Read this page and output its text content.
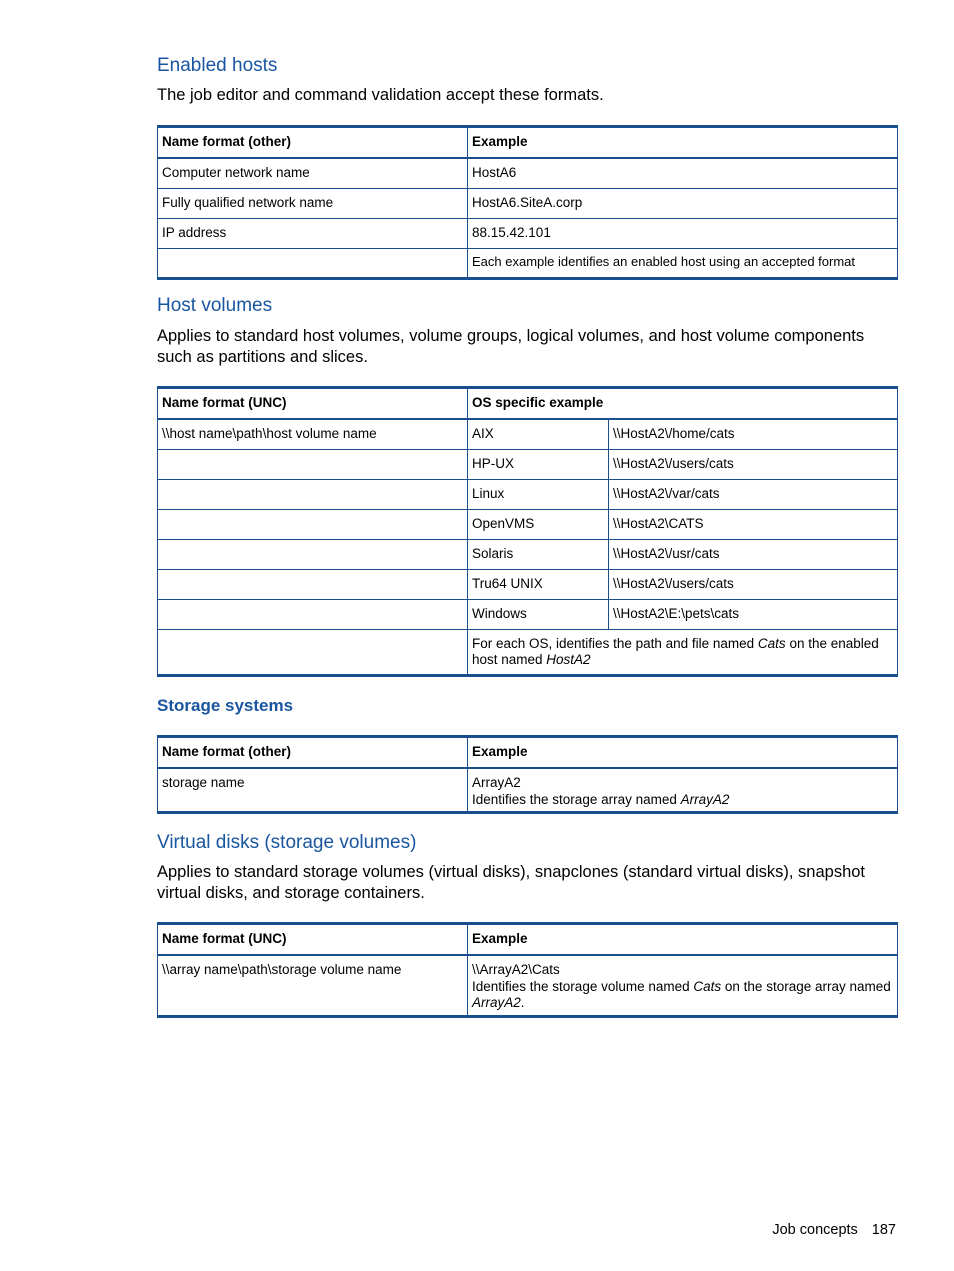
Enabled hosts

The job editor and command validation accept these formats.

Name format (other)	Example
Computer network name	HostA6
Fully qualified network name	HostA6.SiteA.corp
IP address	88.15.42.101
	Each example identifies an enabled host using an accepted format
Host volumes

Applies to standard host volumes, volume groups, logical volumes, and host volume components such as partitions and slices.

Name format (UNC)	OS specific example	
\\host name\path\host volume name	AIX	\\HostA2\/home/cats
	HP-UX	\\HostA2\/users/cats
	Linux	\\HostA2\/var/cats
	OpenVMS	\\HostA2\CATS
	Solaris	\\HostA2\/usr/cats
	Tru64 UNIX	\\HostA2\/users/cats
	Windows	\\HostA2\E:\pets\cats
	For each OS, identifies the path and file named Cats on the enabled host named HostA2	
Storage systems
Name format (other)	Example
storage name	ArrayA2
Identifies the storage array named ArrayA2
Virtual disks (storage volumes)

Applies to standard storage volumes (virtual disks), snapclones (standard virtual disks), snapshot virtual disks, and storage containers.

Name format (UNC)	Example
\\array name\path\storage volume name	\\ArrayA2\Cats
Identifies the storage volume named Cats on the storage array named ArrayA2.
Job concepts 187
